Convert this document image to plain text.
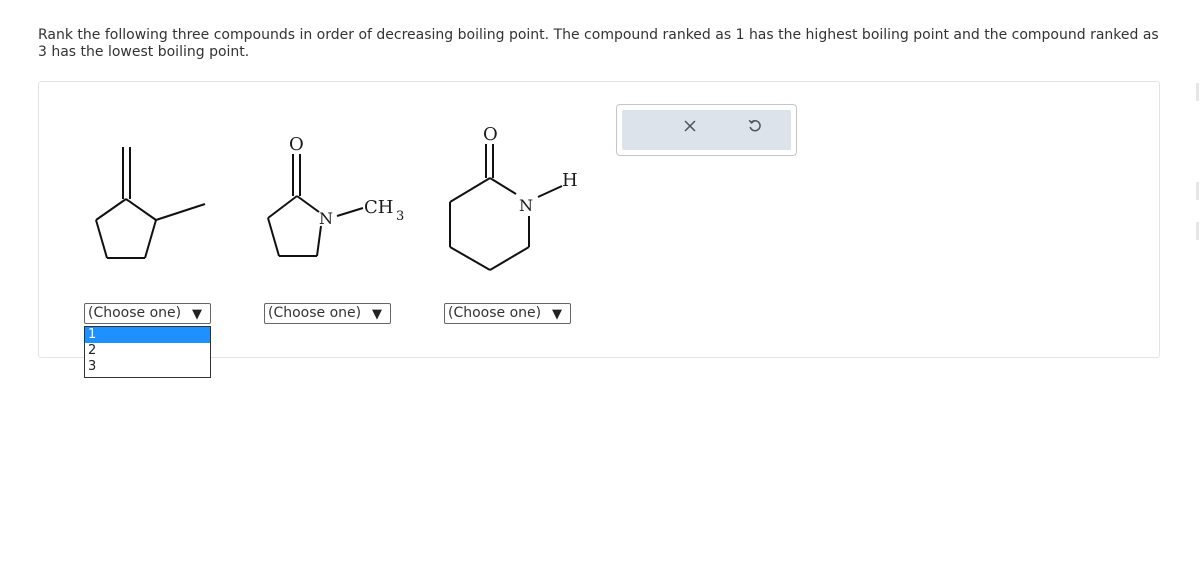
Rank the following three compounds in order of decreasing boiling point. The compound ranked as 1 has the highest boiling point and the compound ranked as 3 has the lowest boiling point.
O
N
CH 3
O
N
H
(Choose one) ▼	(Choose one) ▼	(Choose one) ▼
1
2
3
